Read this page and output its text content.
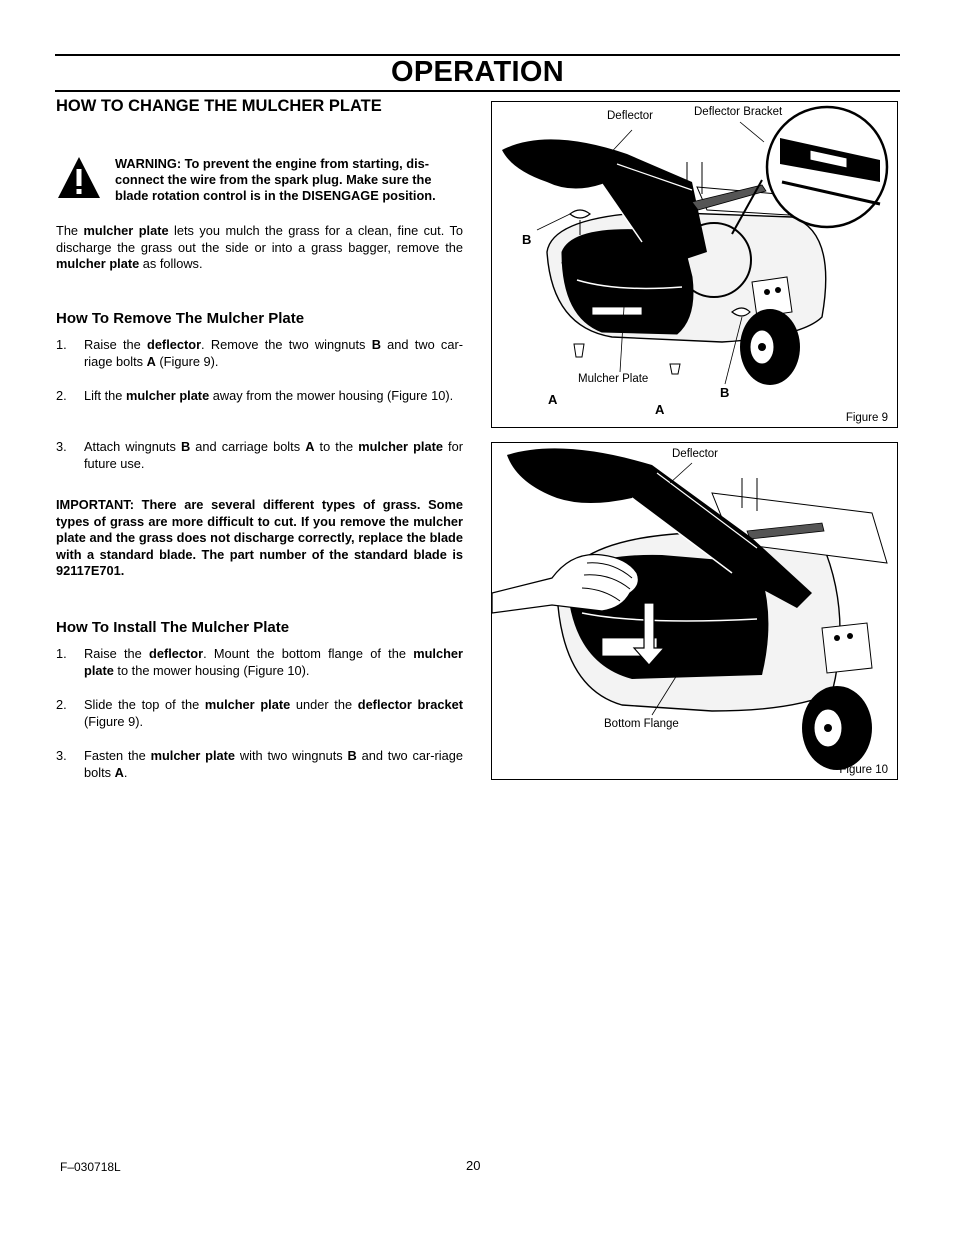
OPERATION
HOW TO CHANGE THE MULCHER PLATE
WARNING: To prevent the engine from starting, dis-connect the wire from the spark plug. Make sure the blade rotation control is in the DISENGAGE position.
The mulcher plate lets you mulch the grass for a clean, fine cut. To discharge the grass out the side or into a grass bagger, remove the mulcher plate as follows.
How To Remove The Mulcher Plate
1.	Raise the deflector. Remove the two wingnuts B and two car-riage bolts A (Figure 9).
2.	Lift the mulcher plate away from the mower housing (Figure 10).
3.	Attach wingnuts B and carriage bolts A to the mulcher plate for future use.
IMPORTANT: There are several different types of grass. Some types of grass are more difficult to cut. If you remove the mulcher plate and the grass does not discharge correctly, replace the blade with a standard blade. The part number of the standard blade is 92117E701.
How To Install The Mulcher Plate
1.	Raise the deflector. Mount the bottom flange of the mulcher plate to the mower housing (Figure 10).
2.	Slide the top of the mulcher plate under the deflector bracket (Figure 9).
3.	Fasten the mulcher plate with two wingnuts B and two car-riage bolts A.
Deflector	Deflector Bracket
B
Mulcher Plate
A
A
B
Figure 9
Deflector
Bottom Flange
Figure 10
F–030718L	20
